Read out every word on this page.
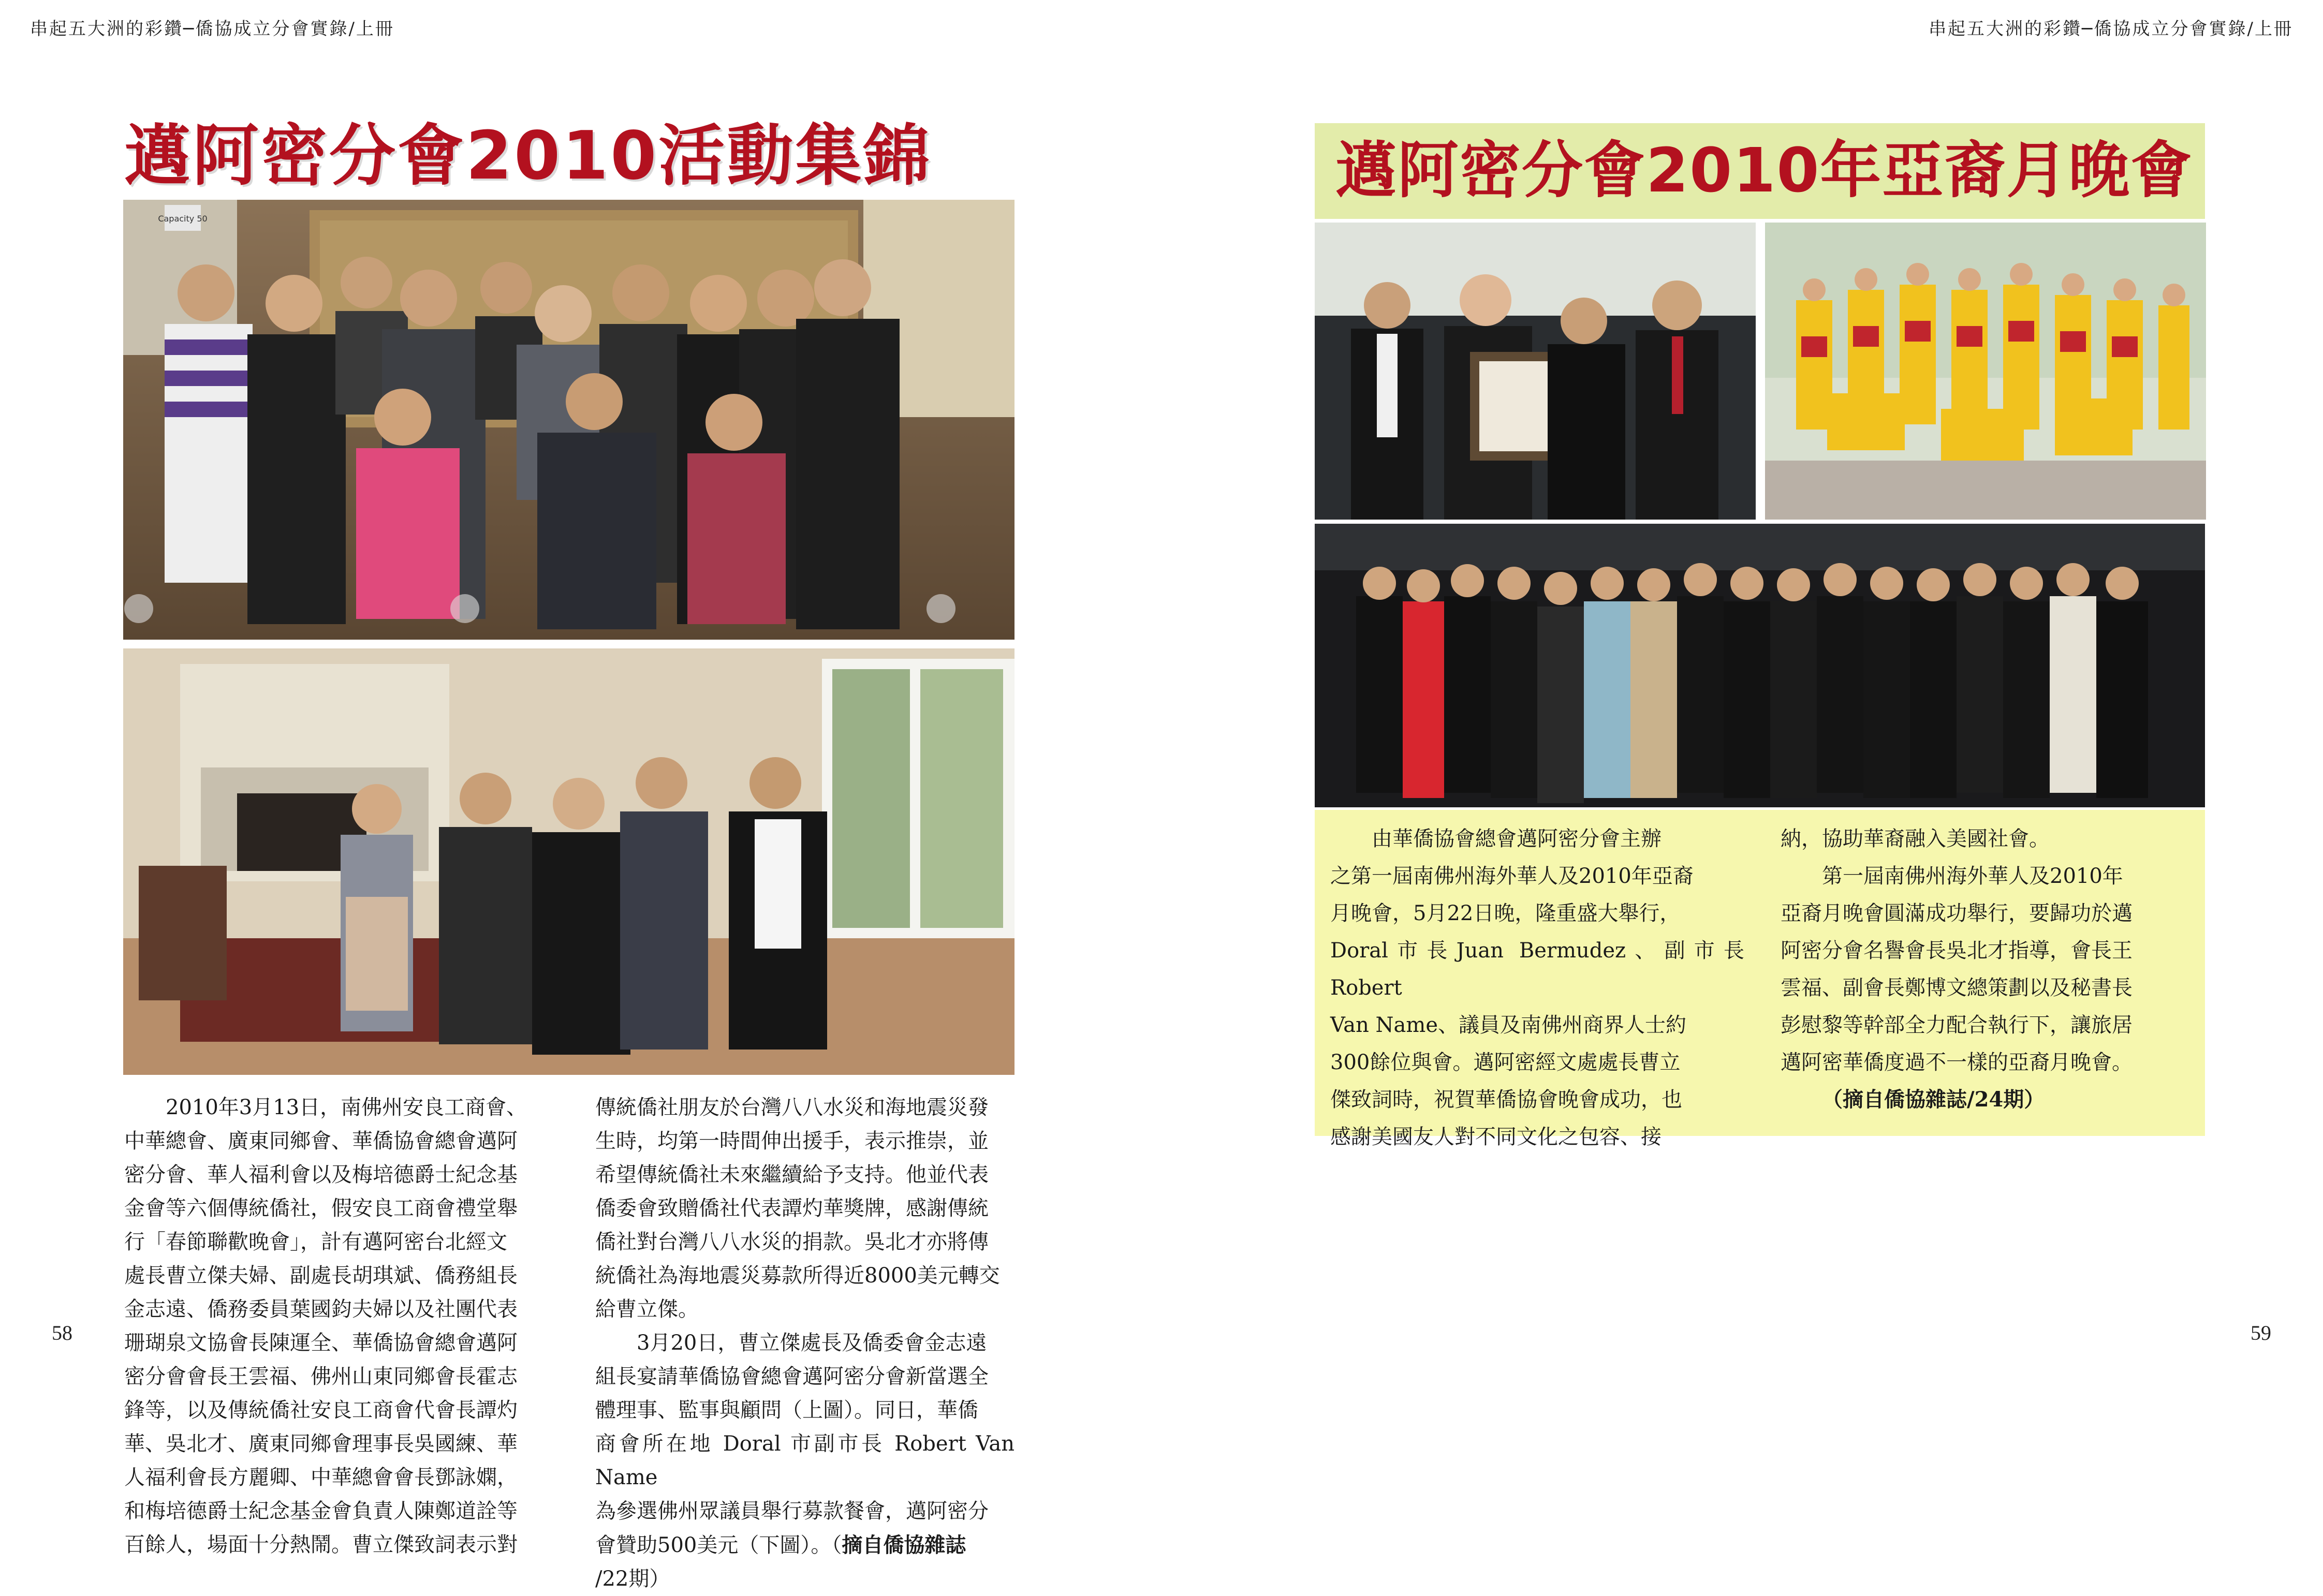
串起五大洲的彩鑽─僑協成立分會實錄/上冊	串起五大洲的彩鑽─僑協成立分會實錄/上冊
邁阿密分會2010活動集錦
Capacity 50

2010年3月13日，南佛州安良工商會、

中華總會、廣東同鄉會、華僑協會總會邁阿

密分會、華人福利會以及梅培德爵士紀念基

金會等六個傳統僑社，假安良工商會禮堂舉

行「春節聯歡晚會」，計有邁阿密台北經文

處長曹立傑夫婦、副處長胡琪斌、僑務組長

金志遠、僑務委員葉國鈞夫婦以及社團代表

珊瑚泉文協會長陳運全、華僑協會總會邁阿

密分會會長王雲福、佛州山東同鄉會長霍志

鋒等，以及傳統僑社安良工商會代會長譚灼

華、吳北才、廣東同鄉會理事長吳國練、華

人福利會長方麗卿、中華總會會長鄧詠嫻，

和梅培德爵士紀念基金會負責人陳鄭道詮等

百餘人，場面十分熱鬧。曹立傑致詞表示對

傳統僑社朋友於台灣八八水災和海地震災發

生時，均第一時間伸出援手，表示推崇，並

希望傳統僑社未來繼續給予支持。他並代表

僑委會致贈僑社代表譚灼華獎牌，感謝傳統

僑社對台灣八八水災的捐款。吳北才亦將傳

統僑社為海地震災募款所得近8000美元轉交

給曹立傑。

3月20日，曹立傑處長及僑委會金志遠

組長宴請華僑協會總會邁阿密分會新當選全

體理事、監事與顧問（上圖）。同日，華僑

商會所在地 Doral 市副市長 Robert Van Name

為參選佛州眾議員舉行募款餐會，邁阿密分

會贊助500美元（下圖）。（摘自僑協雜誌

/22期）

58
邁阿密分會2010年亞裔月晚會

由華僑協會總會邁阿密分會主辦

之第一屆南佛州海外華人及2010年亞裔

月晚會，5月22日晚，隆重盛大舉行，

Doral市長Juan Bermudez、副市長Robert

Van Name、議員及南佛州商界人士約

300餘位與會。邁阿密經文處處長曹立

傑致詞時，祝賀華僑協會晚會成功，也

感謝美國友人對不同文化之包容、接

納，協助華裔融入美國社會。

第一屆南佛州海外華人及2010年

亞裔月晚會圓滿成功舉行，要歸功於邁

阿密分會名譽會長吳北才指導，會長王

雲福、副會長鄭博文總策劃以及秘書長

彭慰黎等幹部全力配合執行下，讓旅居

邁阿密華僑度過不一樣的亞裔月晚會。

（摘自僑協雜誌/24期）

59
